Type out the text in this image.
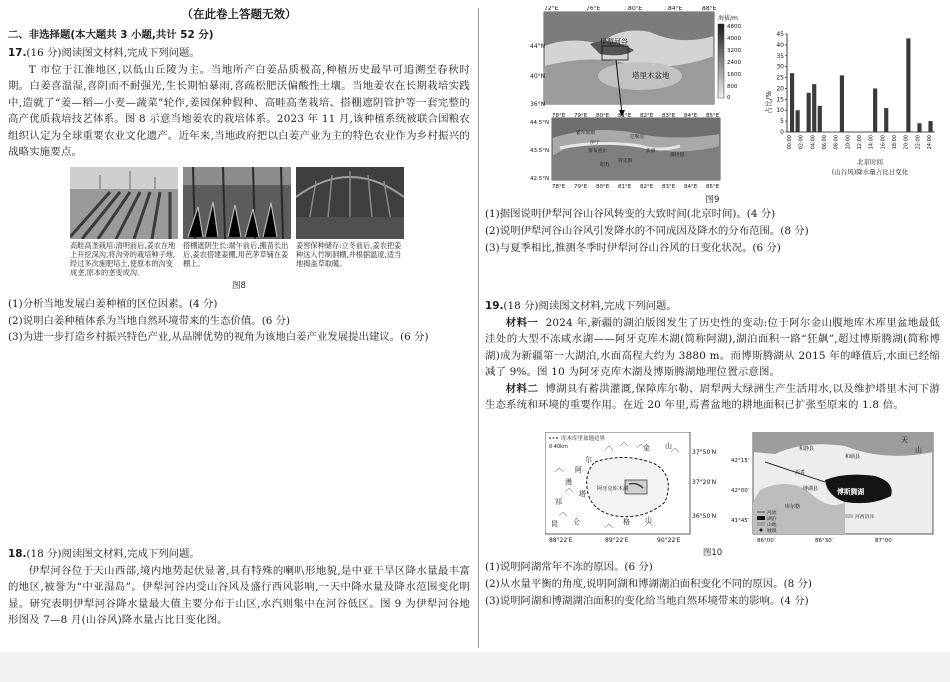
（在此卷上答题无效）

二、非选择题(本大题共 3 小题,共计 52 分)

17.(16 分)阅读图文材料,完成下列问题。

T 市位于江淮地区,以低山丘陵为主。当地所产白姜品质极高,种植历史最早可追溯至春秋时期。白姜喜温湿,喜阴而不耐强光,生长期怕暴雨,喜疏松肥沃偏酸性土壤。当地姜农在长期栽培实践中,造就了“姜—稻—小麦—蔬菜”轮作,姜园保种假种、高畦高垄栽培、搭棚遮阴管护等一套完整的高产优质栽培技艺体系。图 8 示意当地姜农的栽培体系。2023 年 11 月,该种植系统被联合国粮农组织认定为全球重要农业文化遗产。近年来,当地政府把以白姜产业为主的特色农业作为乡村振兴的战略实施要点。

高畦高垄栽培:清明前后,姜农在地上开挖深沟,将沟旁的栽培种子地,经过多次施肥培土,使原本的沟变成垄,原本的垄变成沟。
搭棚遮阴生长:端午前后,搬苗长出后,姜农搭建姜棚,用芭茅草铺在姜棚上。
姜窖保种储存:立冬前后,姜农把姜种送入竹制洞棚,并根据温度,适当地揭盖草取暖。
图8

(1)分析当地发展白姜种植的区位因素。(4 分)

(2)说明白姜种植体系为当地自然环境带来的生态价值。(6 分)

(3)为进一步打造乡村振兴特色产业,从品牌优势的视角为该地白姜产业发展提出建议。(6 分)

18.(18 分)阅读图文材料,完成下列问题。

伊犁河谷位于天山西部,境内地势起伏显著,具有特殊的喇叭形地貌,是中亚干旱区降水量最丰富的地区,被誉为“中亚湿岛”。伊犁河谷内受山谷风及盛行西风影响,一天中降水量及降水范围变化明显。研究表明伊犁河谷降水量最大值主要分布于山区,水汽则集中在河谷低区。图 9 为伊犁河谷地形图及 7—8 月(山谷风)降水量占比日变化图。

伊犁河谷
塔里木盆地
72°E	76°E	80°E	84°E	88°E
44°N
40°N
36°N
海拔/m
4800
4000
3200
2400
1600
800
0
霍尔果斯
伊宁
察布查尔	新源
昭苏
特克斯
尼勒克
那拉提
78°E 79°E 80°E 81°E 82°E 83°E 84°E 85°E
44.5°N
43.5°N
42.5°N
78°E 79°E 80°E 81°E 82°E 83°E 84°E 85°E
0
5
10
15
20
25
30
35
40
45
00:00 02:00 04:00 06:00 08:00 10:00 12:00 14:00 16:00 18:00 20:00 22:00 24:00
占比/%
北京时间
(山谷风)降水量占比日变化
图9

(1)据图说明伊犁河谷山谷风转变的大致时间(北京时间)。(4 分)

(2)说明伊犁河谷山谷风引发降水的不同成因及降水的分布范围。(8 分)

(3)与夏季相比,推测冬季时伊犁河谷山谷风的日变化状况。(6 分)

19.(18 分)阅读图文材料,完成下列问题。

材料一 2024 年,新疆的湖泊版图发生了历史性的变动:位于阿尔金山腹地库木库里盆地最低洼处的大型不冻咸水湖——阿牙克库木湖(简称阿湖),湖泊面积一路“狂飙”,超过博斯腾湖(简称博湖)成为新疆第一大湖泊,水面高程大约为 3880 m。而博斯腾湖从 2015 年的峰值后,水面已经缩减了 9%。图 10 为阿牙克库木湖及博斯腾湖地理位置示意图。

材料二 博湖具有蓄洪灌溉,保障库尔勒、尉犁两大绿洲生产生活用水,以及维护塔里木河下游生态系统和环境的重要作用。在近 20 年里,焉耆盆地的耕地面积已扩张至原来的 1.8 倍。

库木库里盆地边界
0 40km
阿牙克库木湖
阿
尔
金 山
昆 仑
祁
漫
塔
格 山
37°50′N
37°20′N
36°50′N
88°22′E	89°22′E	90°22′E
博斯腾湖
和静县
焉耆
和硕县
博湖县
库尔勒
天
山
河流
湖泊
山地
城镇
河西沼泽
42°15′
42°00′
41°45′
86°00′	86°30′	87°00′
图10

(1)说明阿湖常年不冻的原因。(6 分)

(2)从水量平衡的角度,说明阿湖和博湖湖泊面积变化不同的原因。(8 分)

(3)说明阿湖和博湖湖泊面积的变化给当地自然环境带来的影响。(4 分)
